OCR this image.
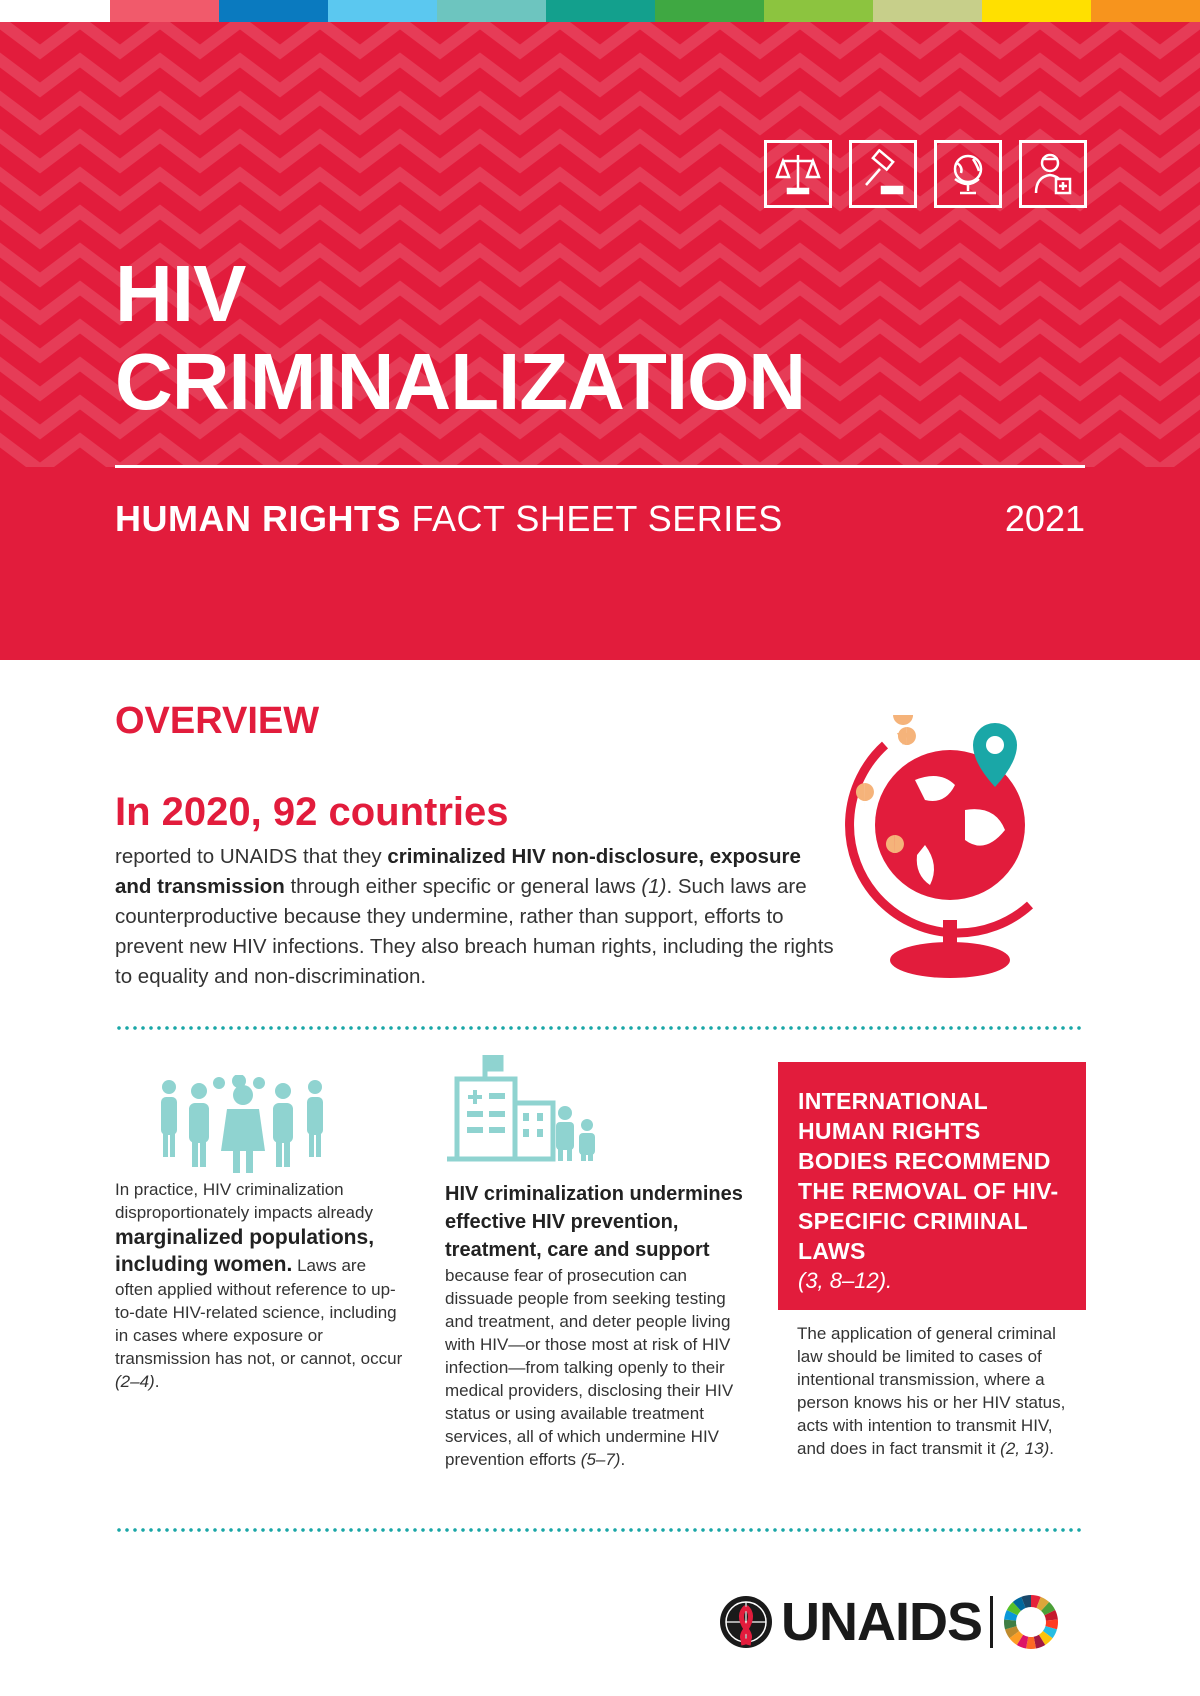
HIV
CRIMINALIZATION
HUMAN RIGHTS FACT SHEET SERIES	2021
OVERVIEW
In 2020, 92 countries

reported to UNAIDS that they criminalized HIV non-disclosure, exposure and transmission through either specific or general laws (1). Such laws are counterproductive because they undermine, rather than support, efforts to prevent new HIV infections. They also breach human rights, including the rights to equality and non-discrimination.

In practice, HIV criminalization disproportionately impacts already marginalized populations, including women. Laws are often applied without reference to up-to-date HIV-related science, including in cases where exposure or transmission has not, or cannot, occur (2–4).

HIV criminalization undermines effective HIV prevention, treatment, care and support because fear of prosecution can dissuade people from seeking testing and treatment, and deter people living with HIV—or those most at risk of HIV infection—from talking openly to their medical providers, disclosing their HIV status or using available treatment services, all of which undermine HIV prevention efforts (5–7).

INTERNATIONAL HUMAN RIGHTS BODIES RECOMMEND THE REMOVAL OF HIV-SPECIFIC CRIMINAL LAWS
(3, 8–12).

The application of general criminal law should be limited to cases of intentional transmission, where a person knows his or her HIV status, acts with intention to transmit HIV, and does in fact transmit it (2, 13).

UNAIDS
